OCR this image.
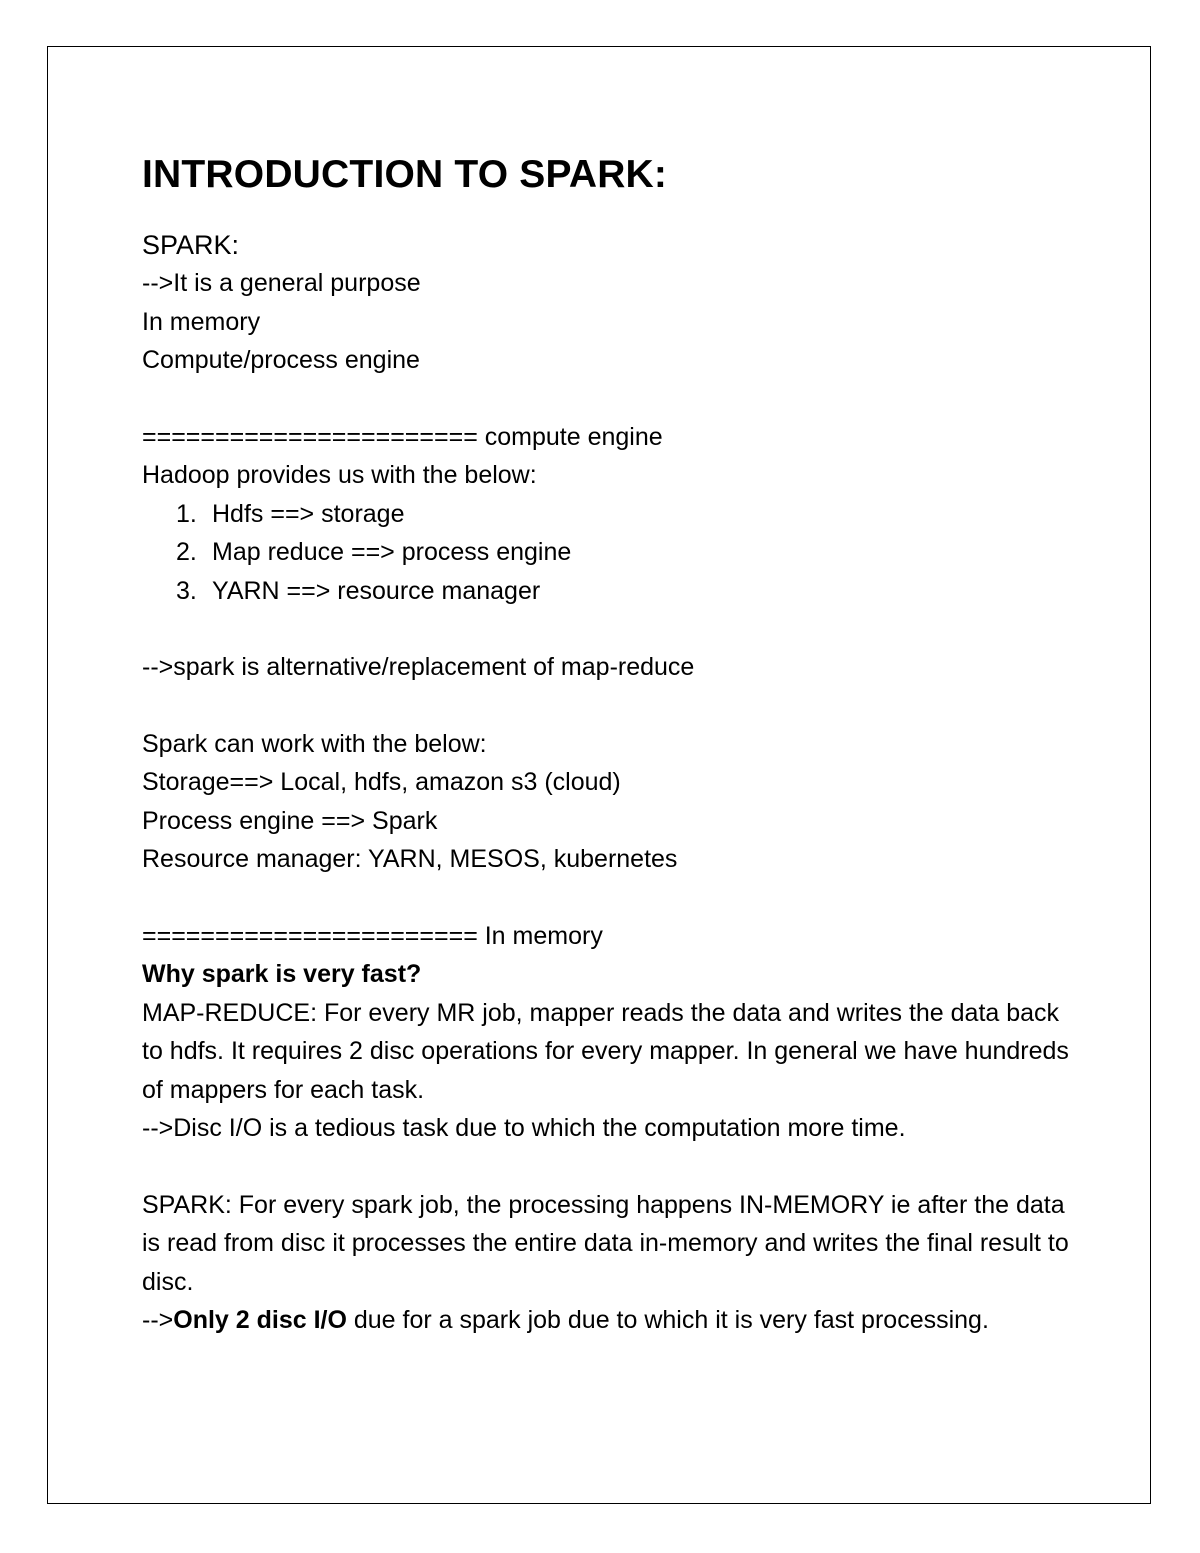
INTRODUCTION TO SPARK:
SPARK:
-->It is a general purpose
In memory
Compute/process engine
======================= compute engine
Hadoop provides us with the below:
1. Hdfs ==> storage
2. Map reduce ==> process engine
3. YARN ==> resource manager
-->spark is alternative/replacement of map-reduce
Spark can work with the below:
Storage==> Local, hdfs, amazon s3 (cloud)
Process engine ==> Spark
Resource manager: YARN, MESOS, kubernetes
======================= In memory
Why spark is very fast?

MAP-REDUCE: For every MR job, mapper reads the data and writes the data back to hdfs. It requires 2 disc operations for every mapper. In general we have hundreds of mappers for each task.

-->Disc I/O is a tedious task due to which the computation more time.

SPARK: For every spark job, the processing happens IN-MEMORY ie after the data is read from disc it processes the entire data in-memory and writes the final result to disc.

-->Only 2 disc I/O due for a spark job due to which it is very fast processing.
